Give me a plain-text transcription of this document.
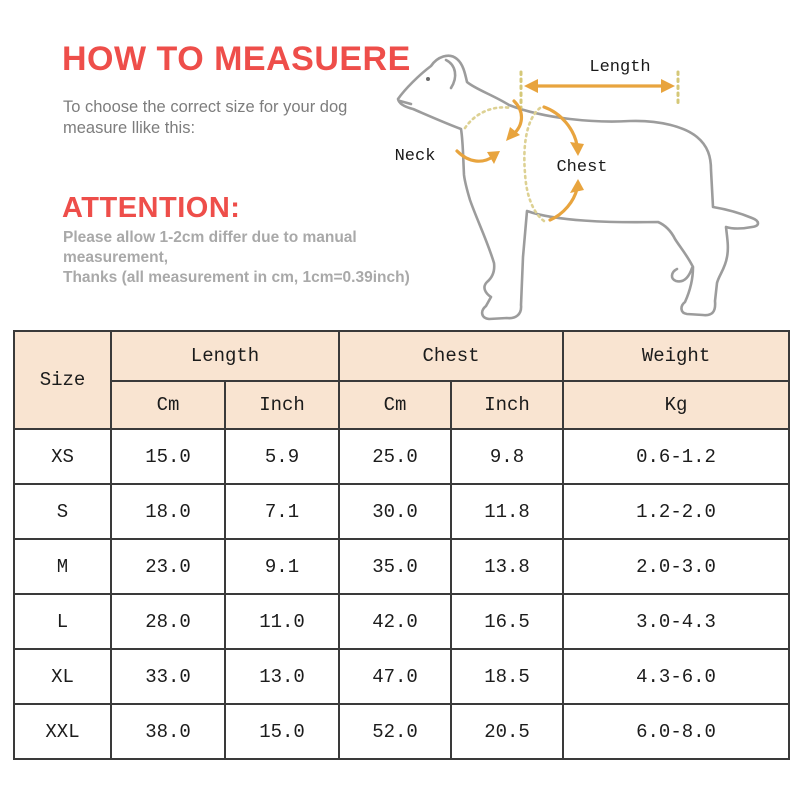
HOW TO MEASUERE
To choose the correct size for your dog
measure llike this:
ATTENTION:
Please allow 1-2cm differ due to manual measurement,
Thanks (all measurement in cm, 1cm=0.39inch)
Length
Neck
Chest
Size	Length		Chest		Weight
	Cm	Inch	Cm	Inch	Kg
XS	15.0	5.9	25.0	9.8	0.6-1.2
S	18.0	7.1	30.0	11.8	1.2-2.0
M	23.0	9.1	35.0	13.8	2.0-3.0
L	28.0	11.0	42.0	16.5	3.0-4.3
XL	33.0	13.0	47.0	18.5	4.3-6.0
XXL	38.0	15.0	52.0	20.5	6.0-8.0
